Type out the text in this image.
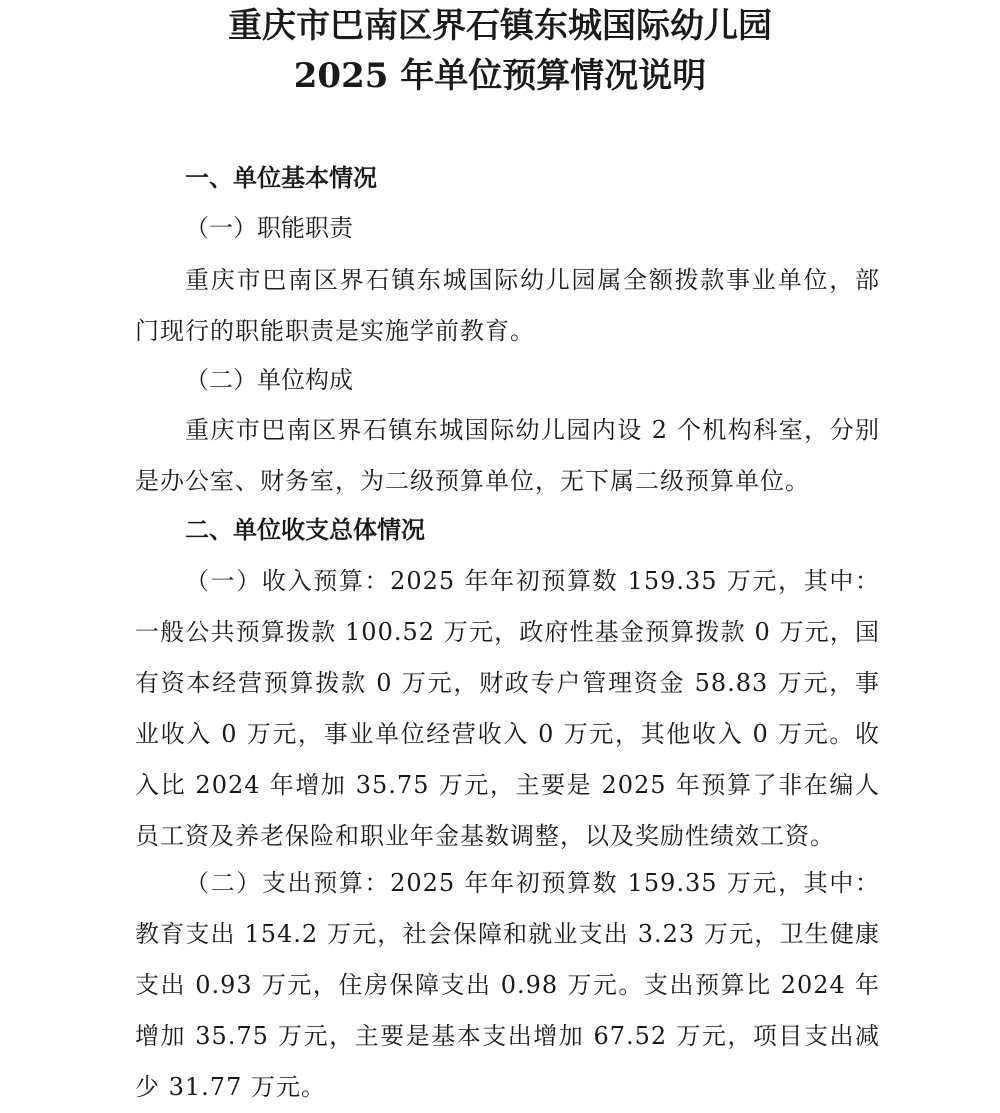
重庆市巴南区界石镇东城国际幼儿园
2025 年单位预算情况说明
一、单位基本情况
（一）职能职责

重庆市巴南区界石镇东城国际幼儿园属全额拨款事业单位，部门现行的职能职责是实施学前教育。

（二）单位构成

重庆市巴南区界石镇东城国际幼儿园内设 2 个机构科室，分别是办公室、财务室，为二级预算单位，无下属二级预算单位。

二、单位收支总体情况

（一）收入预算：2025 年年初预算数 159.35 万元，其中：一般公共预算拨款 100.52 万元，政府性基金预算拨款 0 万元，国有资本经营预算拨款 0 万元，财政专户管理资金 58.83 万元，事业收入 0 万元，事业单位经营收入 0 万元，其他收入 0 万元。收入比 2024 年增加 35.75 万元，主要是 2025 年预算了非在编人员工资及养老保险和职业年金基数调整，以及奖励性绩效工资。

（二）支出预算：2025 年年初预算数 159.35 万元，其中：教育支出 154.2 万元，社会保障和就业支出 3.23 万元，卫生健康支出 0.93 万元，住房保障支出 0.98 万元。支出预算比 2024 年增加 35.75 万元，主要是基本支出增加 67.52 万元，项目支出减少 31.77 万元。
